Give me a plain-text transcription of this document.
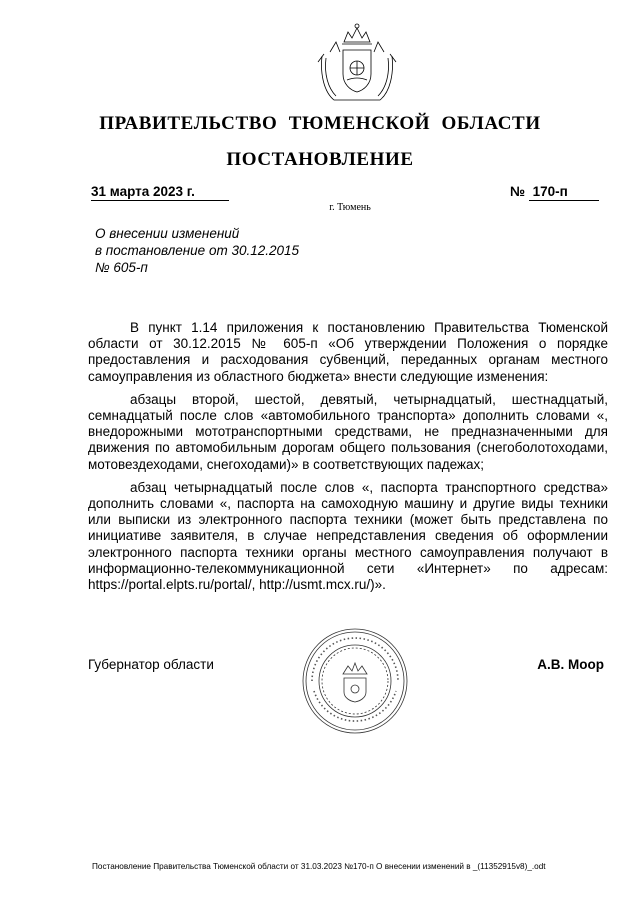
ПРАВИТЕЛЬСТВО ТЮМЕНСКОЙ ОБЛАСТИ
ПОСТАНОВЛЕНИЕ
31 марта 2023 г.	№ 170-п
г. Тюмень
О внесении изменений
в постановление от 30.12.2015
№ 605-п

В пункт 1.14 приложения к постановлению Правительства Тюменской области от 30.12.2015 № 605-п «Об утверждении Положения о порядке предоставления и расходования субвенций, переданных органам местного самоуправления из областного бюджета» внести следующие изменения:

абзацы второй, шестой, девятый, четырнадцатый, шестнадцатый, семнадцатый после слов «автомобильного транспорта» дополнить словами «, внедорожными мототранспортными средствами, не предназначенными для движения по автомобильным дорогам общего пользования (снегоболотоходами, мотовездеходами, снегоходами)» в соответствующих падежах;

абзац четырнадцатый после слов «, паспорта транспортного средства» дополнить словами «, паспорта на самоходную машину и другие виды техники или выписки из электронного паспорта техники (может быть представлена по инициативе заявителя, в случае непредставления сведения об оформлении электронного паспорта техники органы местного самоуправления получают в информационно-телекоммуникационной сети «Интернет» по адресам: https://portal.elpts.ru/portal/, http://usmt.mcx.ru/)».

Губернатор области	А.В. Моор
Постановление Правительства Тюменской области от 31.03.2023 №170-п О внесении изменений в _(11352915v8)_.odt
